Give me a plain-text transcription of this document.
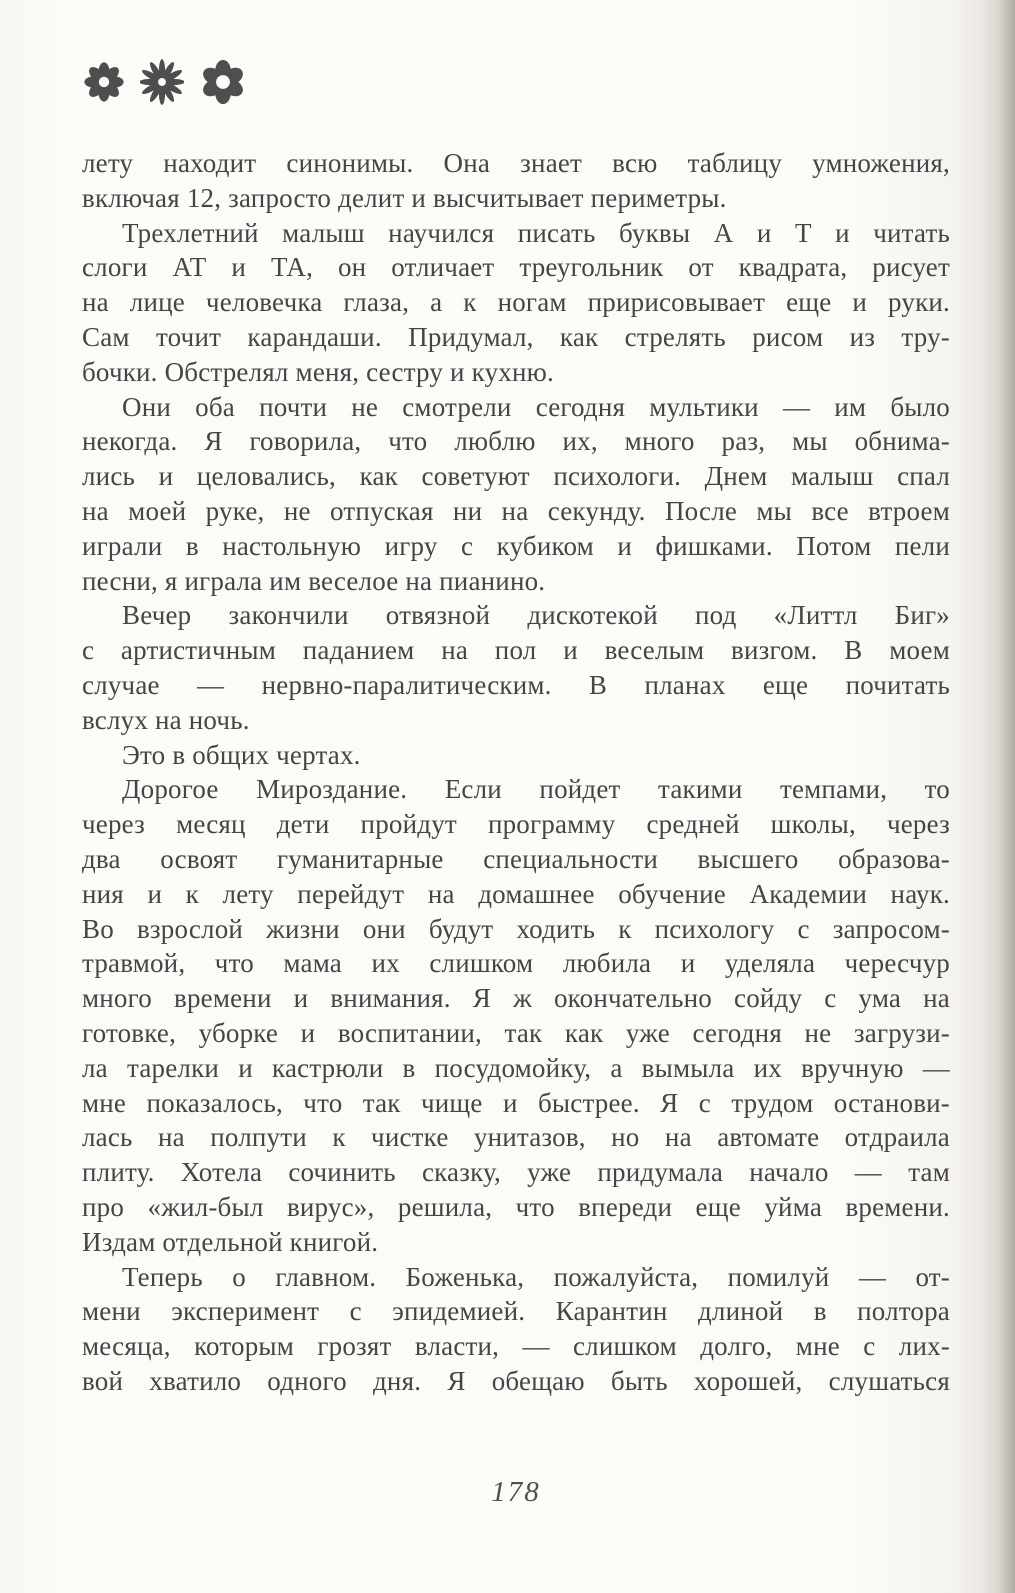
лету находит синонимы. Она знает всю таблицу умножения,
включая 12, запросто делит и высчитывает периметры.
Трехлетний малыш научился писать буквы А и Т и читать
слоги АТ и ТА, он отличает треугольник от квадрата, рисует
на лице человечка глаза, а к ногам пририсовывает еще и руки.
Сам точит карандаши. Придумал, как стрелять рисом из тру-
бочки. Обстрелял меня, сестру и кухню.
Они оба почти не смотрели сегодня мультики — им было
некогда. Я говорила, что люблю их, много раз, мы обнима-
лись и целовались, как советуют психологи. Днем малыш спал
на моей руке, не отпуская ни на секунду. После мы все втроем
играли в настольную игру с кубиком и фишками. Потом пели
песни, я играла им веселое на пианино.
Вечер закончили отвязной дискотекой под «Литтл Биг»
с артистичным паданием на пол и веселым визгом. В моем
случае — нервно-паралитическим. В планах еще почитать
вслух на ночь.
Это в общих чертах.
Дорогое Мироздание. Если пойдет такими темпами, то
через месяц дети пройдут программу средней школы, через
два освоят гуманитарные специальности высшего образова-
ния и к лету перейдут на домашнее обучение Академии наук.
Во взрослой жизни они будут ходить к психологу с запросом-
травмой, что мама их слишком любила и уделяла чересчур
много времени и внимания. Я ж окончательно сойду с ума на
готовке, уборке и воспитании, так как уже сегодня не загрузи-
ла тарелки и кастрюли в посудомойку, а вымыла их вручную —
мне показалось, что так чище и быстрее. Я с трудом останови-
лась на полпути к чистке унитазов, но на автомате отдраила
плиту. Хотела сочинить сказку, уже придумала начало — там
про «жил-был вирус», решила, что впереди еще уйма времени.
Издам отдельной книгой.
Теперь о главном. Боженька, пожалуйста, помилуй — от-
мени эксперимент с эпидемией. Карантин длиной в полтора
месяца, которым грозят власти, — слишком долго, мне с лих-
вой хватило одного дня. Я обещаю быть хорошей, слушаться
178
